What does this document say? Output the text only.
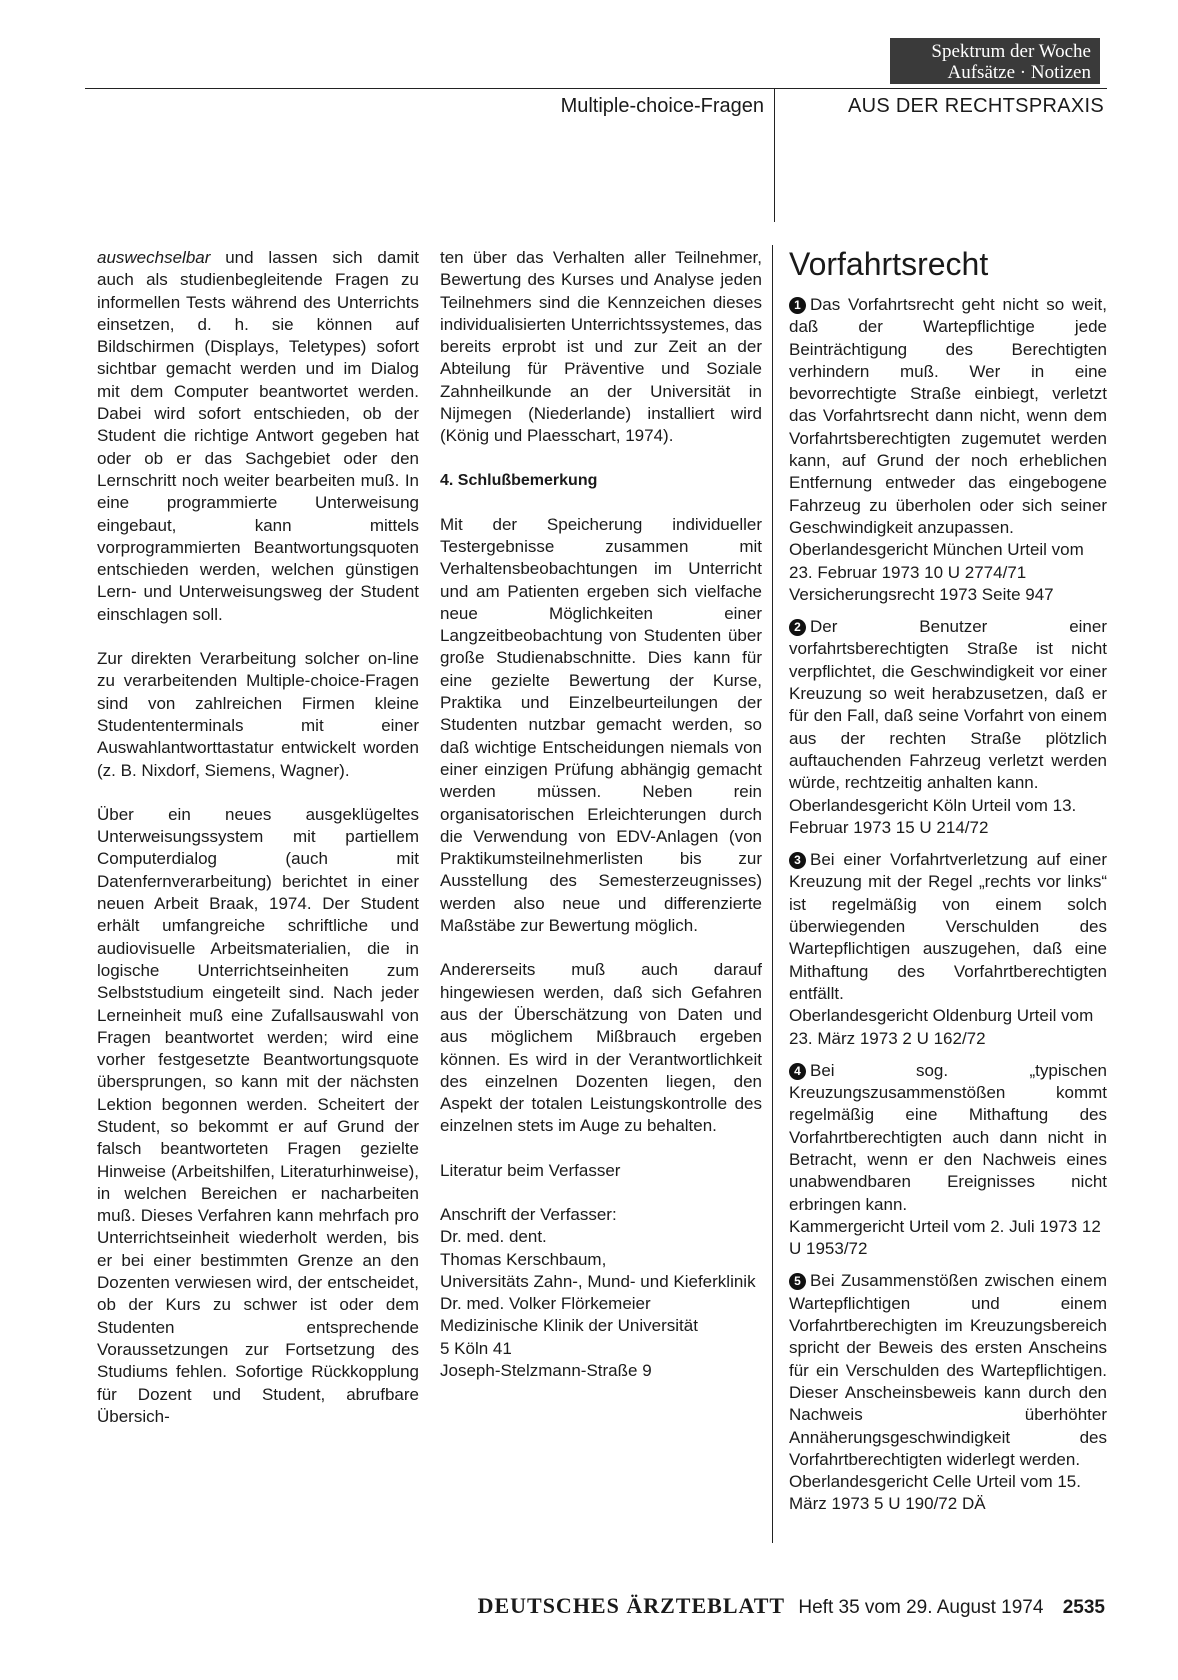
Spektrum der Woche
Aufsätze · Notizen
Multiple-choice-Fragen	AUS DER RECHTSPRAXIS

auswechselbar und lassen sich damit auch als studienbegleitende Fragen zu informellen Tests während des Unterrichts einsetzen, d. h. sie können auf Bildschirmen (Displays, Teletypes) sofort sichtbar gemacht werden und im Dialog mit dem Computer beantwortet werden. Dabei wird sofort entschieden, ob der Student die richtige Antwort gegeben hat oder ob er das Sachgebiet oder den Lernschritt noch weiter bearbeiten muß. In eine programmierte Unterweisung eingebaut, kann mittels vorprogrammierten Beantwortungsquoten entschieden werden, welchen günstigen Lern- und Unterweisungsweg der Student einschlagen soll.

Zur direkten Verarbeitung solcher on-line zu verarbeitenden Multiple-choice-Fragen sind von zahlreichen Firmen kleine Studententerminals mit einer Auswahlantworttastatur entwickelt worden (z. B. Nixdorf, Siemens, Wagner).

Über ein neues ausgeklügeltes Unterweisungssystem mit partiellem Computerdialog (auch mit Datenfernverarbeitung) berichtet in einer neuen Arbeit Braak, 1974. Der Student erhält umfangreiche schriftliche und audiovisuelle Arbeitsmaterialien, die in logische Unterrichtseinheiten zum Selbststudium eingeteilt sind. Nach jeder Lerneinheit muß eine Zufallsauswahl von Fragen beantwortet werden; wird eine vorher festgesetzte Beantwortungsquote übersprungen, so kann mit der nächsten Lektion begonnen werden. Scheitert der Student, so bekommt er auf Grund der falsch beantworteten Fragen gezielte Hinweise (Arbeitshilfen, Literaturhinweise), in welchen Bereichen er nacharbeiten muß. Dieses Verfahren kann mehrfach pro Unterrichtseinheit wiederholt werden, bis er bei einer bestimmten Grenze an den Dozenten verwiesen wird, der entscheidet, ob der Kurs zu schwer ist oder dem Studenten entsprechende Voraussetzungen zur Fortsetzung des Studiums fehlen. Sofortige Rückkopplung für Dozent und Student, abrufbare Übersich-

ten über das Verhalten aller Teilnehmer, Bewertung des Kurses und Analyse jeden Teilnehmers sind die Kennzeichen dieses individualisierten Unterrichtssystemes, das bereits erprobt ist und zur Zeit an der Abteilung für Präventive und Soziale Zahnheilkunde an der Universität in Nijmegen (Niederlande) installiert wird (König und Plaesschart, 1974).

4. Schlußbemerkung

Mit der Speicherung individueller Testergebnisse zusammen mit Verhaltensbeobachtungen im Unterricht und am Patienten ergeben sich vielfache neue Möglichkeiten einer Langzeitbeobachtung von Studenten über große Studienabschnitte. Dies kann für eine gezielte Bewertung der Kurse, Praktika und Einzelbeurteilungen der Studenten nutzbar gemacht werden, so daß wichtige Entscheidungen niemals von einer einzigen Prüfung abhängig gemacht werden müssen. Neben rein organisatorischen Erleichterungen durch die Verwendung von EDV-Anlagen (von Praktikumsteilnehmerlisten bis zur Ausstellung des Semesterzeugnisses) werden also neue und differenzierte Maßstäbe zur Bewertung möglich.

Andererseits muß auch darauf hingewiesen werden, daß sich Gefahren aus der Überschätzung von Daten und aus möglichem Mißbrauch ergeben können. Es wird in der Verantwortlichkeit des einzelnen Dozenten liegen, den Aspekt der totalen Leistungskontrolle des einzelnen stets im Auge zu behalten.

Literatur beim Verfasser

Anschrift der Verfasser:
Dr. med. dent.
Thomas Kerschbaum,
Universitäts Zahn-, Mund- und Kieferklinik
Dr. med. Volker Flörkemeier
Medizinische Klinik der Universität
5 Köln 41
Joseph-Stelzmann-Straße 9
Vorfahrtsrecht
1 Das Vorfahrtsrecht geht nicht so weit, daß der Wartepflichtige jede Beinträchtigung des Berechtigten verhindern muß. Wer in eine bevorrechtigte Straße einbiegt, verletzt das Vorfahrtsrecht dann nicht, wenn dem Vorfahrtsberechtigten zugemutet werden kann, auf Grund der noch erheblichen Entfernung entweder das eingebogene Fahrzeug zu überholen oder sich seiner Geschwindigkeit anzupassen.
Oberlandesgericht München Urteil vom 23. Februar 1973 10 U 2774/71
Versicherungsrecht 1973 Seite 947
2 Der Benutzer einer vorfahrtsberechtigten Straße ist nicht verpflichtet, die Geschwindigkeit vor einer Kreuzung so weit herabzusetzen, daß er für den Fall, daß seine Vorfahrt von einem aus der rechten Straße plötzlich auftauchenden Fahrzeug verletzt werden würde, rechtzeitig anhalten kann.
Oberlandesgericht Köln Urteil vom 13. Februar 1973 15 U 214/72
3 Bei einer Vorfahrtverletzung auf einer Kreuzung mit der Regel „rechts vor links“ ist regelmäßig von einem solch überwiegenden Verschulden des Wartepflichtigen auszugehen, daß eine Mithaftung des Vorfahrtberechtigten entfällt.
Oberlandesgericht Oldenburg Urteil vom 23. März 1973 2 U 162/72
4 Bei sog. „typischen Kreuzungszusammenstößen kommt regelmäßig eine Mithaftung des Vorfahrtberechtigten auch dann nicht in Betracht, wenn er den Nachweis eines unabwendbaren Ereignisses nicht erbringen kann.
Kammergericht Urteil vom 2. Juli 1973 12 U 1953/72
5 Bei Zusammenstößen zwischen einem Wartepflichtigen und einem Vorfahrtberechigten im Kreuzungsbereich spricht der Beweis des ersten Anscheins für ein Verschulden des Wartepflichtigen. Dieser Anscheinsbeweis kann durch den Nachweis überhöhter Annäherungsgeschwindigkeit des Vorfahrtberechtigten widerlegt werden.
Oberlandesgericht Celle Urteil vom 15. März 1973 5 U 190/72 DÄ
DEUTSCHES ÄRZTEBLATT Heft 35 vom 29. August 1974 2535
